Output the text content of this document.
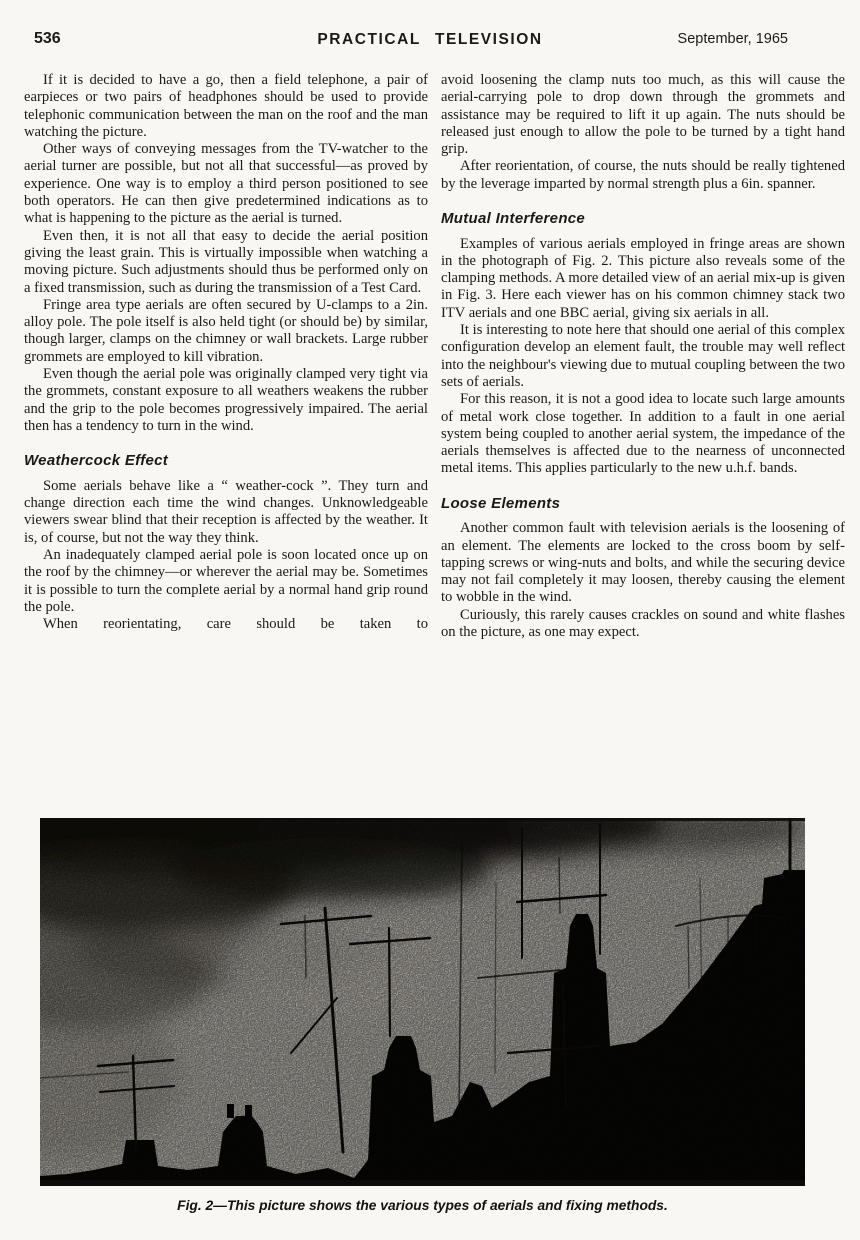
536	PRACTICAL TELEVISION	September, 1965

If it is decided to have a go, then a field telephone, a pair of earpieces or two pairs of headphones should be used to provide telephonic communication between the man on the roof and the man watching the picture.

Other ways of conveying messages from the TV-watcher to the aerial turner are possible, but not all that successful—as proved by experience. One way is to employ a third person positioned to see both operators. He can then give predetermined indications as to what is happening to the picture as the aerial is turned.

Even then, it is not all that easy to decide the aerial position giving the least grain. This is virtually impossible when watching a moving picture. Such adjustments should thus be performed only on a fixed transmission, such as during the transmission of a Test Card.

Fringe area type aerials are often secured by U-clamps to a 2in. alloy pole. The pole itself is also held tight (or should be) by similar, though larger, clamps on the chimney or wall brackets. Large rubber grommets are employed to kill vibration.

Even though the aerial pole was originally clamped very tight via the grommets, constant exposure to all weathers weakens the rubber and the grip to the pole becomes progressively impaired. The aerial then has a tendency to turn in the wind.

Weathercock Effect

Some aerials behave like a “ weather-cock ”. They turn and change direction each time the wind changes. Unknowledgeable viewers swear blind that their reception is affected by the weather. It is, of course, but not the way they think.

An inadequately clamped aerial pole is soon located once up on the roof by the chimney—or wherever the aerial may be. Sometimes it is possible to turn the complete aerial by a normal hand grip round the pole.

When reorientating, care should be taken to

avoid loosening the clamp nuts too much, as this will cause the aerial-carrying pole to drop down through the grommets and assistance may be required to lift it up again. The nuts should be released just enough to allow the pole to be turned by a tight hand grip.

After reorientation, of course, the nuts should be really tightened by the leverage imparted by normal strength plus a 6in. spanner.

Mutual Interference

Examples of various aerials employed in fringe areas are shown in the photograph of Fig. 2. This picture also reveals some of the clamping methods. A more detailed view of an aerial mix-up is given in Fig. 3. Here each viewer has on his common chimney stack two ITV aerials and one BBC aerial, giving six aerials in all.

It is interesting to note here that should one aerial of this complex configuration develop an element fault, the trouble may well reflect into the neighbour's viewing due to mutual coupling between the two sets of aerials.

For this reason, it is not a good idea to locate such large amounts of metal work close together. In addition to a fault in one aerial system being coupled to another aerial system, the impedance of the aerials themselves is affected due to the nearness of unconnected metal items. This applies particularly to the new u.h.f. bands.

Loose Elements

Another common fault with television aerials is the loosening of an element. The elements are locked to the cross boom by self-tapping screws or wing-nuts and bolts, and while the securing device may not fail completely it may loosen, thereby causing the element to wobble in the wind.

Curiously, this rarely causes crackles on sound and white flashes on the picture, as one may expect.

Fig. 2—This picture shows the various types of aerials and fixing methods.
